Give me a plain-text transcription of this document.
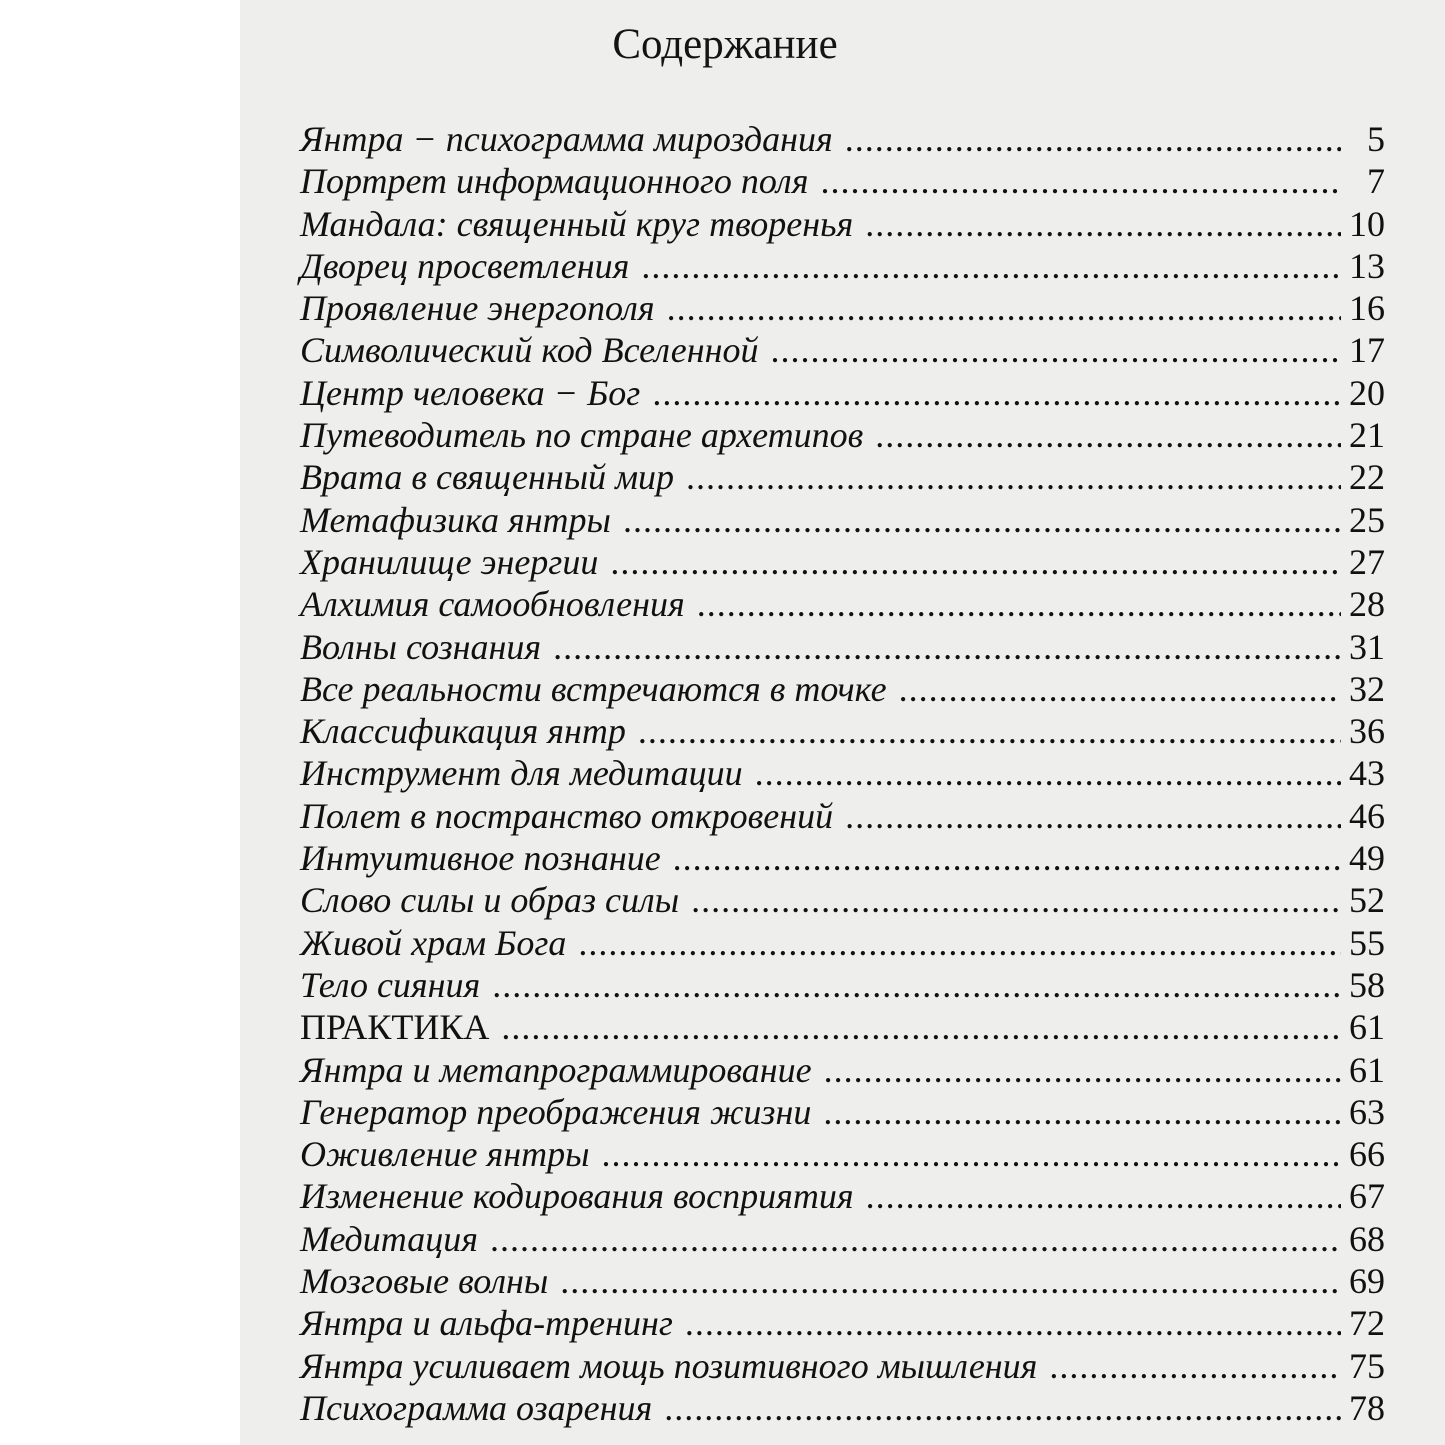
Содержание
Янтра − психограмма мироздания .....	5
Портрет информационного поля .....	7
Мандала: священный круг творенья .....	10
Дворец просветления .....	13
Проявление энергополя .....	16
Символический код Вселенной .....	17
Центр человека − Бог .....	20
Путеводитель по стране архетипов .....	21
Врата в священный мир .....	22
Метафизика янтры .....	25
Хранилище энергии .....	27
Алхимия самообновления .....	28
Волны сознания .....	31
Все реальности встречаются в точке .....	32
Классификация янтр .....	36
Инструмент для медитации .....	43
Полет в постранство откровений .....	46
Интуитивное познание .....	49
Слово силы и образ силы .....	52
Живой храм Бога .....	55
Тело сияния .....	58
ПРАКТИКА .....	61
Янтра и метапрограммирование .....	61
Генератор преображения жизни .....	63
Оживление янтры .....	66
Изменение кодирования восприятия .....	67
Медитация .....	68
Мозговые волны .....	69
Янтра и альфа-тренинг .....	72
Янтра усиливает мощь позитивного мышления .....	75
Психограмма озарения .....	78
